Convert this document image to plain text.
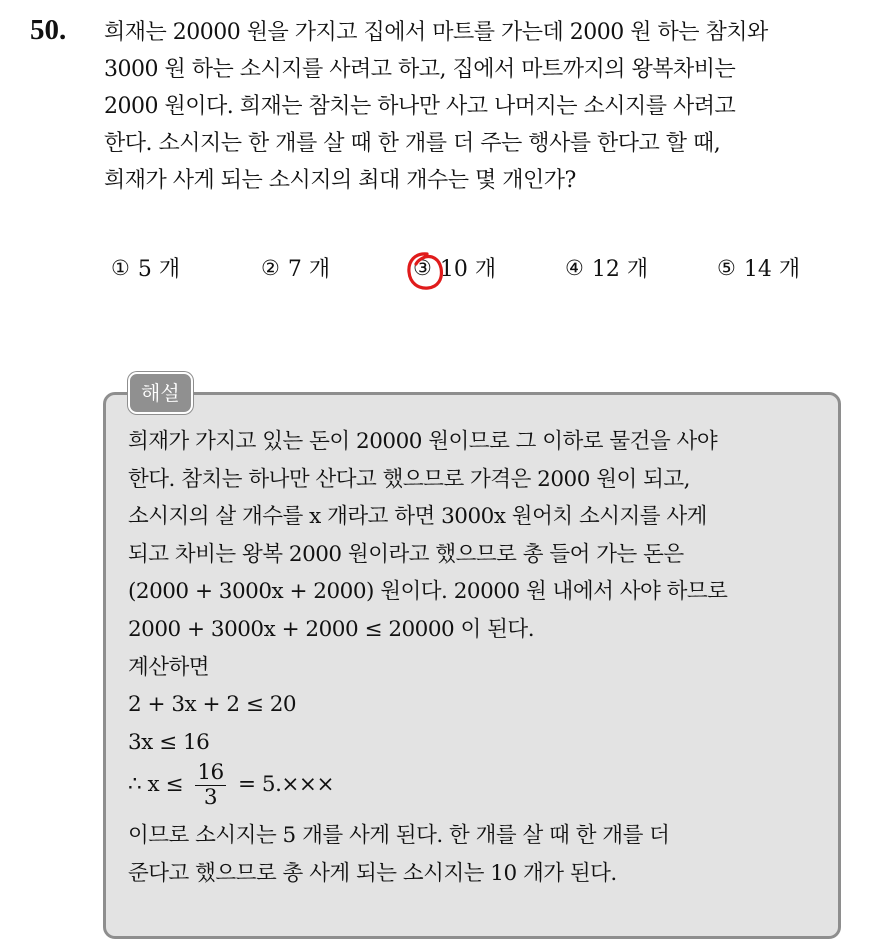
50. 희재는 20000 원을 가지고 집에서 마트를 가는데 2000 원 하는 참치와
3000 원 하는 소시지를 사려고 하고, 집에서 마트까지의 왕복차비는
2000 원이다. 희재는 참치는 하나만 사고 나머지는 소시지를 사려고
한다. 소시지는 한 개를 살 때 한 개를 더 주는 행사를 한다고 할 때,
희재가 사게 되는 소시지의 최대 개수는 몇 개인가?
① 5 개	② 7 개	③ 10 개	④ 12 개	⑤ 14 개
해설
희재가 가지고 있는 돈이 20000 원이므로 그 이하로 물건을 사야
한다. 참치는 하나만 산다고 했으므로 가격은 2000 원이 되고,
소시지의 살 개수를 x 개라고 하면 3000x 원어치 소시지를 사게
되고 차비는 왕복 2000 원이라고 했으므로 총 들어 가는 돈은
(2000 + 3000x + 2000) 원이다. 20000 원 내에서 사야 하므로
2000 + 3000x + 2000 ≤ 20000 이 된다.
계산하면
2 + 3x + 2 ≤ 20
3x ≤ 16
∴ $x \le \frac{16}{3} = 5.\times\times\times$
이므로 소시지는 5 개를 사게 된다. 한 개를 살 때 한 개를 더
준다고 했으므로 총 사게 되는 소시지는 10 개가 된다.
